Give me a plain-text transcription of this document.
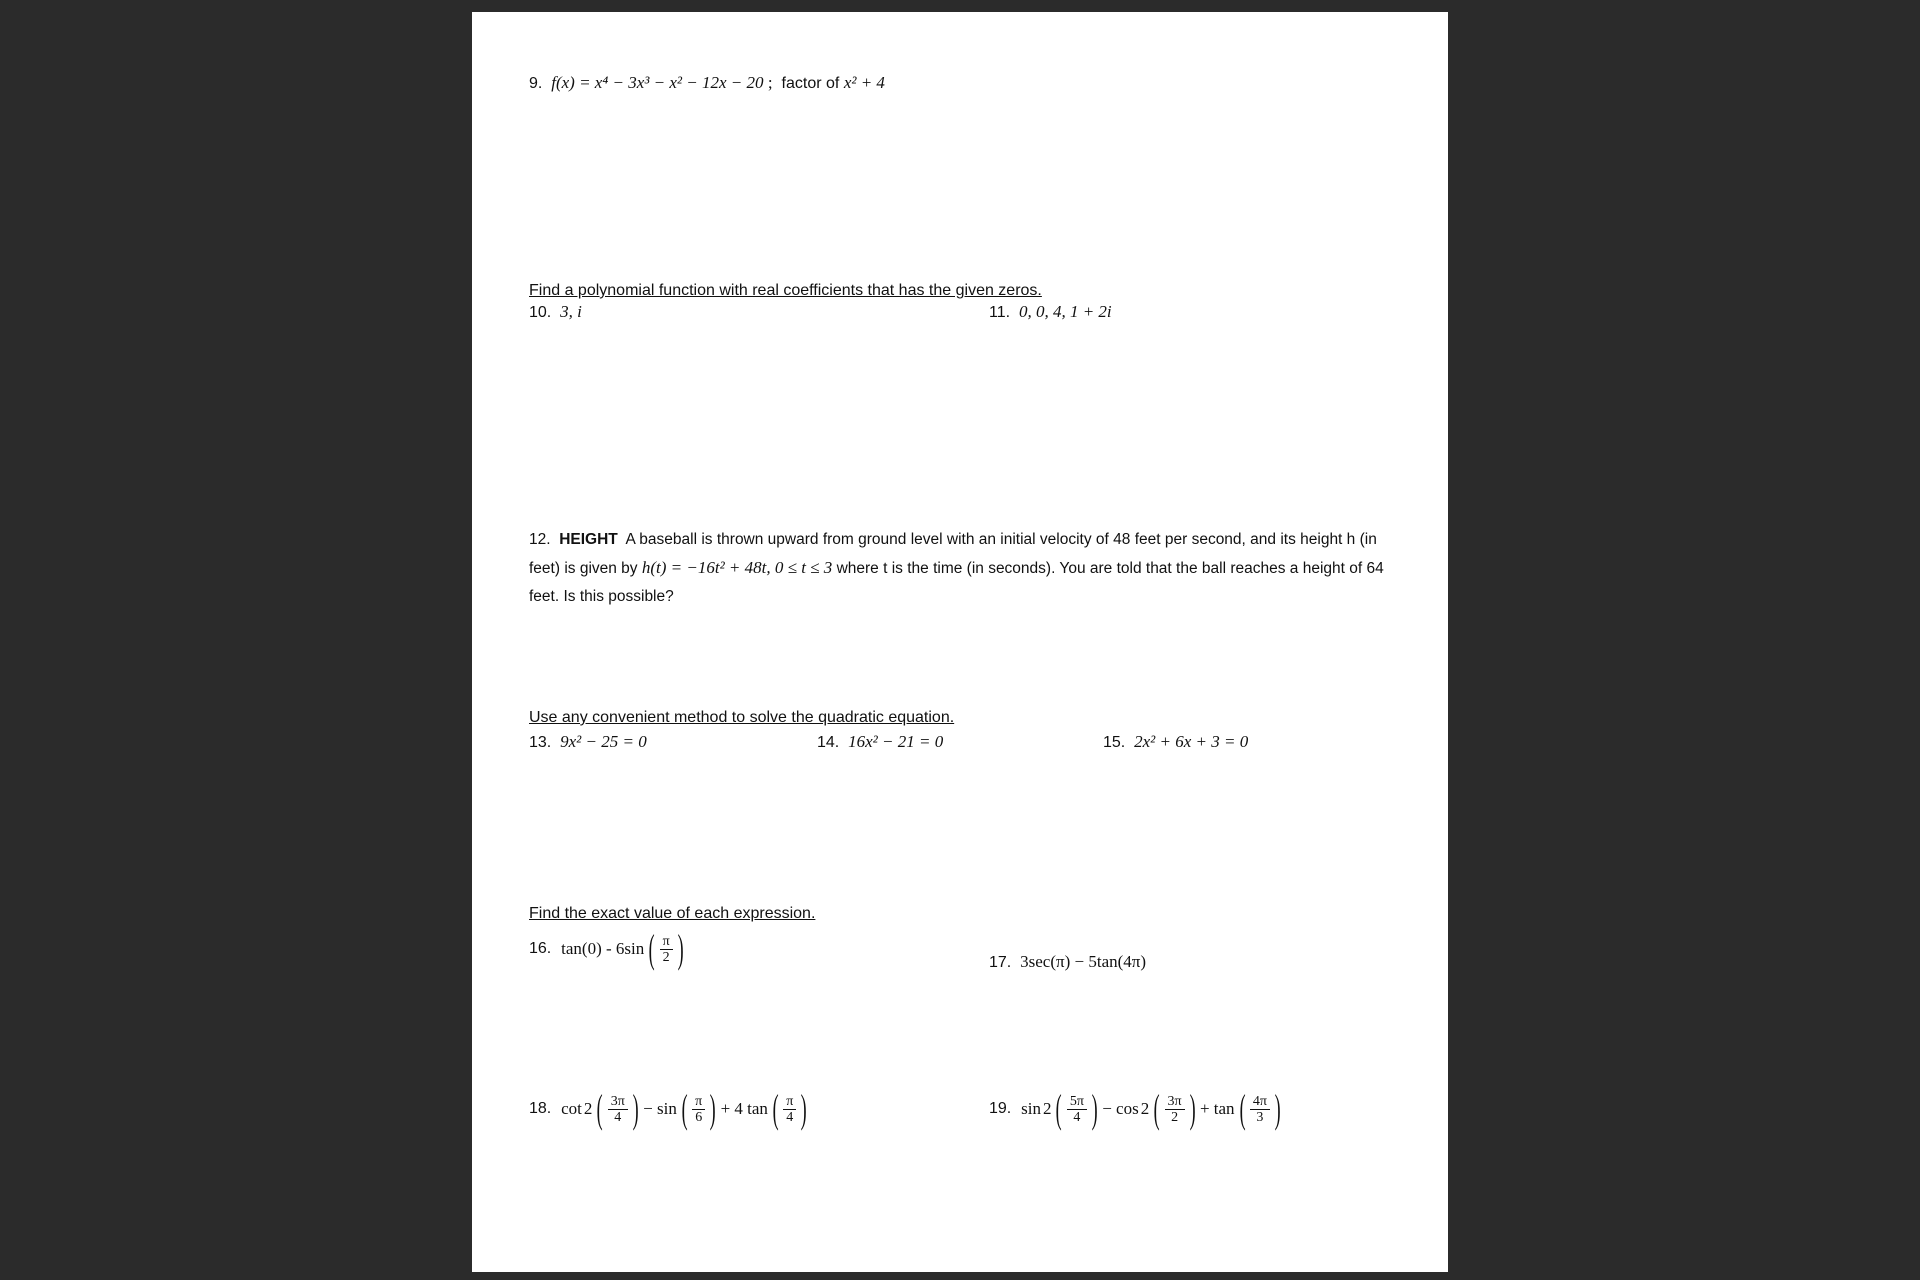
9. f(x) = x⁴ − 3x³ − x² − 12x − 20 ; factor of x² + 4
Find a polynomial function with real coefficients that has the given zeros.
10. 3, i	11. 0, 0, 4, 1 + 2i
12. HEIGHT A baseball is thrown upward from ground level with an initial velocity of 48 feet per second, and its height h (in feet) is given by h(t) = −16t² + 48t, 0 ≤ t ≤ 3 where t is the time (in seconds). You are told that the ball reaches a height of 64 feet. Is this possible?
Use any convenient method to solve the quadratic equation.
13. 9x² − 25 = 0	14. 16x² − 21 = 0	15. 2x² + 6x + 3 = 0
Find the exact value of each expression.
16.
tan(0) - 6sin ( $\frac{\pi}{2}$ )	17. 3sec(π) − 5tan(4π)
18.
cot 2 ( $\frac{3\pi}{4}$ ) − sin ( $\frac{\pi}{6}$ ) + 4 tan ( $\frac{\pi}{4}$ )	19.
sin 2 ( $\frac{5\pi}{4}$ ) − cos 2 ( $\frac{3\pi}{2}$ ) + tan ( $\frac{4\pi}{3}$ )
